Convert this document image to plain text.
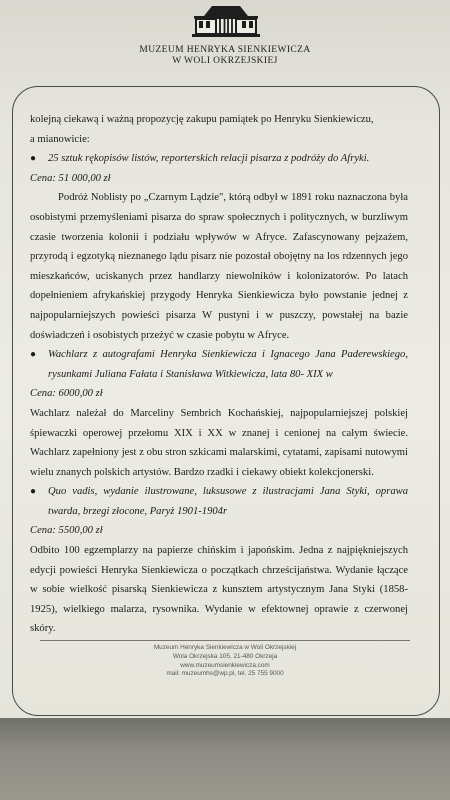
MUZEUM HENRYKA SIENKIEWICZA
W WOLI OKRZEJSKIEJ

kolejną ciekawą i ważną propozycję zakupu pamiątek po Henryku Sienkiewiczu,

a mianowicie:

●	25 sztuk rękopisów listów, reporterskich relacji pisarza z podróży do Afryki.

Cena: 51 000,00 zł

Podróż Noblisty po „Czarnym Lądzie", którą odbył w 1891 roku naznaczona była osobistymi przemyśleniami pisarza do spraw społecznych i politycznych, w burzliwym czasie tworzenia kolonii i podziału wpływów w Afryce. Zafascynowany pejzażem, przyrodą i egzotyką nieznanego lądu pisarz nie pozostał obojętny na los rdzennych jego mieszkańców, uciskanych przez handlarzy niewolników i kolonizatorów. Po latach dopełnieniem afrykańskiej przygody Henryka Sienkiewicza było powstanie jednej z najpopularniejszych powieści pisarza W pustyni i w puszczy, powstałej na bazie doświadczeń i osobistych przeżyć w czasie pobytu w Afryce.

●	Wachlarz z autografami Henryka Sienkiewicza i Ignacego Jana Paderewskiego, rysunkami Juliana Fałata i Stanisława Witkiewicza, lata 80- XIX w

Cena: 6000,00 zł

Wachlarz należał do Marceliny Sembrich Kochańskiej, najpopularniejszej polskiej śpiewaczki operowej przełomu XIX i XX w znanej i cenionej na całym świecie. Wachlarz zapełniony jest z obu stron szkicami malarskimi, cytatami, zapisami nutowymi wielu znanych polskich artystów. Bardzo rzadki i ciekawy obiekt kolekcjonerski.

●	Quo vadis, wydanie ilustrowane, luksusowe z ilustracjami Jana Styki, oprawa twarda, brzegi złocone, Paryż 1901-1904r

Cena: 5500,00 zł

Odbito 100 egzemplarzy na papierze chińskim i japońskim. Jedna z najpiękniejszych edycji powieści Henryka Sienkiewicza o początkach chrześcijaństwa. Wydanie łączące w sobie wielkość pisarską Sienkiewicza z kunsztem artystycznym Jana Styki (1858-1925), wielkiego malarza, rysownika. Wydanie w efektownej oprawie z czerwonej skóry.

Muzeum Henryka Sienkiewicza w Woli Okrzejskiej
Wola Okrzejska 105, 21-480 Okrzeja
www.muzeumsienkiewicza.com
mail: muzeumhs@wp.pl, tel. 25 755 9000
